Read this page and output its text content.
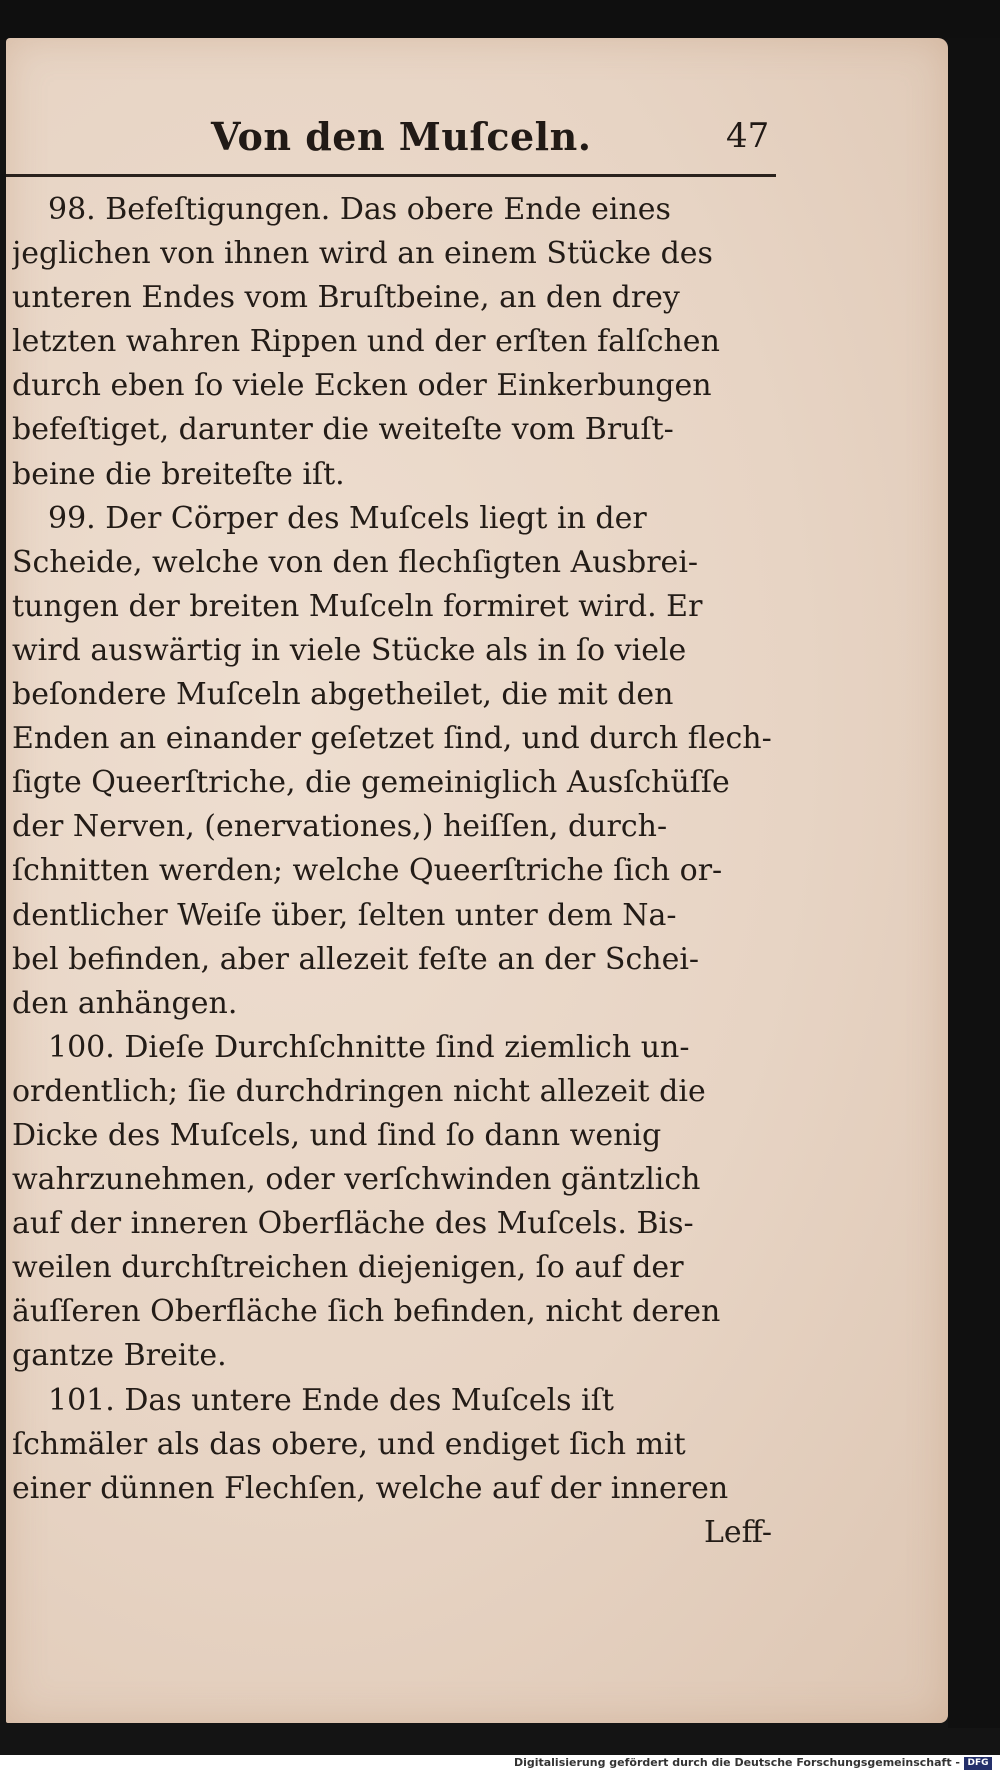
Von den Muſceln.	47
98. Befeſtigungen. Das obere Ende eines
jeglichen von ihnen wird an einem Stücke des
unteren Endes vom Bruſtbeine, an den drey
letzten wahren Rippen und der erſten falſchen
durch eben ſo viele Ecken oder Einkerbungen
befeſtiget, darunter die weiteſte vom Bruſt-
beine die breiteſte iſt.
99. Der Cörper des Muſcels liegt in der
Scheide, welche von den flechſigten Ausbrei-
tungen der breiten Muſceln formiret wird. Er
wird auswärtig in viele Stücke als in ſo viele
beſondere Muſceln abgetheilet, die mit den
Enden an einander geſetzet ſind, und durch flech-
ſigte Queerſtriche, die gemeiniglich Ausſchüſſe
der Nerven, (enervationes,) heiſſen, durch-
ſchnitten werden; welche Queerſtriche ſich or-
dentlicher Weiſe über, ſelten unter dem Na-
bel befinden, aber allezeit feſte an der Schei-
den anhängen.
100. Dieſe Durchſchnitte ſind ziemlich un-
ordentlich; ſie durchdringen nicht allezeit die
Dicke des Muſcels, und ſind ſo dann wenig
wahrzunehmen, oder verſchwinden gäntzlich
auf der inneren Oberfläche des Muſcels. Bis-
weilen durchſtreichen diejenigen, ſo auf der
äuſſeren Oberfläche ſich befinden, nicht deren
gantze Breite.
101. Das untere Ende des Muſcels iſt
ſchmäler als das obere, und endiget ſich mit
einer dünnen Flechſen, welche auf der inneren
Leff-
Digitalisierung gefördert durch die Deutsche Forschungsgemeinschaft - DFG
